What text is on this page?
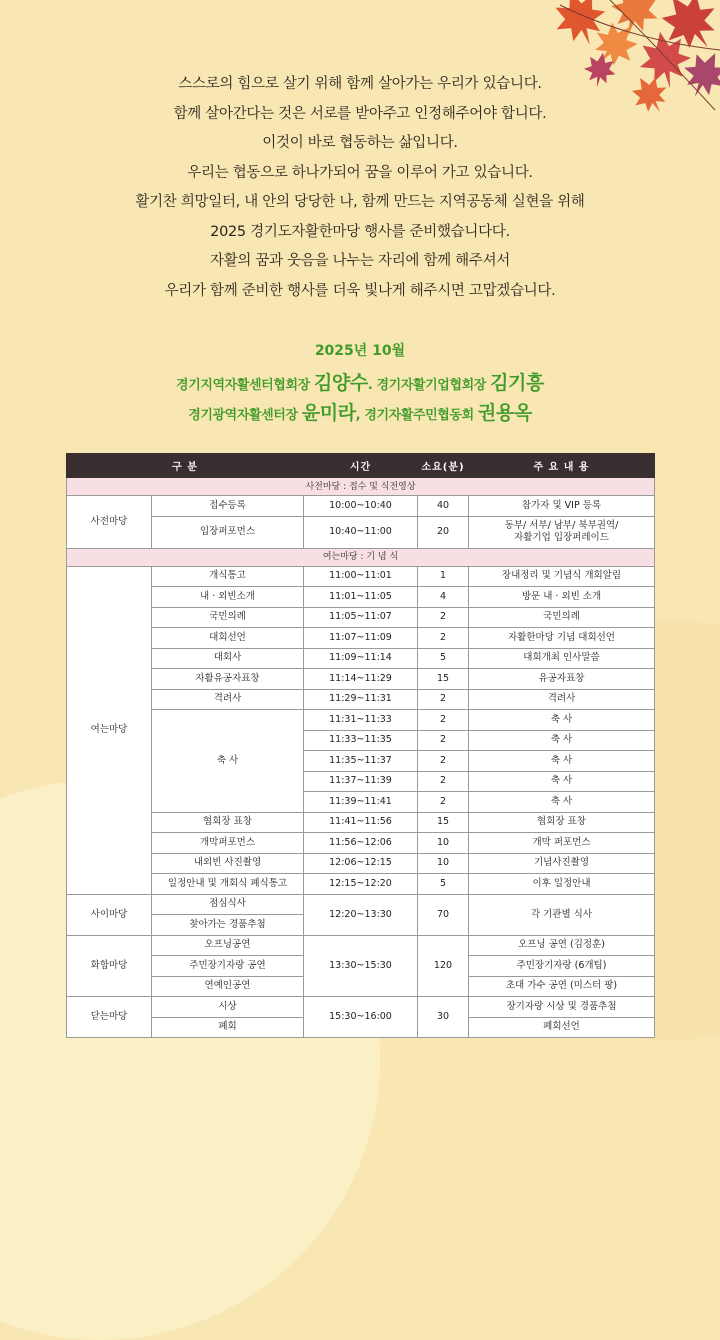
스스로의 힘으로 살기 위해 함께 살아가는 우리가 있습니다.
함께 살아간다는 것은 서로를 받아주고 인정해주어야 합니다.
이것이 바로 협동하는 삶입니다.
우리는 협동으로 하나가되어 꿈을 이루어 가고 있습니다.
활기찬 희망일터, 내 안의 당당한 나, 함께 만드는 지역공동체 실현을 위해
2025 경기도자활한마당 행사를 준비했습니다다.
자활의 꿈과 웃음을 나누는 자리에 함께 해주셔서
우리가 함께 준비한 행사를 더욱 빛나게 해주시면 고맙겠습니다.
2025년 10월
경기지역자활센터협회장 김양수. 경기자활기업협회장 김기흥
경기광역자활센터장 윤미라, 경기자활주민협동회 권용옥
구 분		시간	소요(분)	주 요 내 용
사전마당 : 접수 및 식전영상				
사전마당	접수등록	10:00~10:40	40	참가자 및 VIP 등록
	입장퍼포먼스	10:40~11:00	20	동부/ 서부/ 남부/ 북부권역/
자활기업 입장퍼레이드
여는마당 : 기 념 식				
여는마당	개식통고	11:00~11:01	1	장내정리 및 기념식 개회알림
	내 · 외빈소개	11:01~11:05	4	방문 내 · 외빈 소개
	국민의례	11:05~11:07	2	국민의례
	대회선언	11:07~11:09	2	자활한마당 기념 대회선언
	대회사	11:09~11:14	5	대회개최 인사말씀
	자활유공자표창	11:14~11:29	15	유공자표창
	격려사	11:29~11:31	2	격려사
	축 사	11:31~11:33	2	축 사
		11:33~11:35	2	축 사
		11:35~11:37	2	축 사
		11:37~11:39	2	축 사
		11:39~11:41	2	축 사
	협회장 표창	11:41~11:56	15	협회장 표창
	개막퍼포먼스	11:56~12:06	10	개막 퍼포먼스
	내외빈 사진촬영	12:06~12:15	10	기념사진촬영
	일정안내 및 개회식 폐식통고	12:15~12:20	5	이후 일정안내
사이마당	점심식사	12:20~13:30	70	각 기관별 식사
	찾아가는 경품추첨			
화합마당	오프닝공연	13:30~15:30	120	오프닝 공연 (김정훈)
	주민장기자랑 공연			주민장기자랑 (6개팀)
	연예인공연			초대 가수 공연 (미스터 팡)
닫는마당	시상	15:30~16:00	30	장기자랑 시상 및 경품추첨
	폐회			폐회선언
